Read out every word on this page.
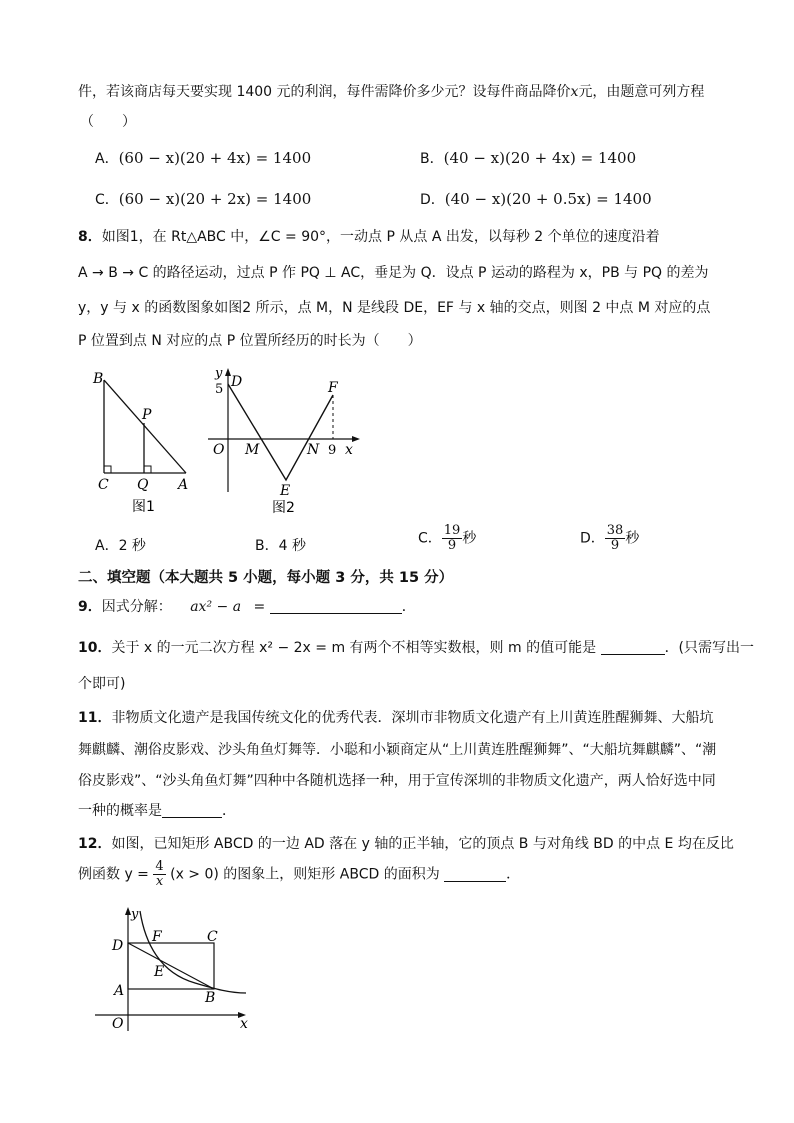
件，若该商店每天要实现 1400 元的利润，每件需降价多少元？设每件商品降价x元，由题意可列方程
（　　）
A．(60 − x)(20 + 4x) = 1400	B．(40 − x)(20 + 4x) = 1400
C．(60 − x)(20 + 2x) = 1400	D．(40 − x)(20 + 0.5x) = 1400
8．如图1，在 Rt△ABC 中，∠C = 90°，一动点 P 从点 A 出发，以每秒 2 个单位的速度沿着
A → B → C 的路径运动，过点 P 作 PQ ⊥ AC，垂足为 Q．设点 P 运动的路程为 x，PB 与 PQ 的差为
y，y 与 x 的函数图象如图2 所示，点 M，N 是线段 DE，EF 与 x 轴的交点，则图 2 中点 M 对应的点
P 位置到点 N 对应的点 P 位置所经历的时长为（　　）
B
P
C Q A
图1
y
D
5	F
O M	N 9 x
E
图2
A．2 秒	B．4 秒	C． $\frac{19}{9}$ 秒	D． $\frac{38}{9}$ 秒
二、填空题（本大题共 5 小题，每小题 3 分，共 15 分）
9．因式分解： ax² − a =	．
10．关于 x 的一元二次方程 x² − 2x = m 有两个不相等实数根，则 m 的值可能是	．(只需写出一
个即可)
11．非物质文化遗产是我国传统文化的优秀代表．深圳市非物质文化遗产有上川黄连胜醒狮舞、大船坑
舞麒麟、潮俗皮影戏、沙头角鱼灯舞等．小聪和小颖商定从“上川黄连胜醒狮舞”、“大船坑舞麒麟”、“潮
俗皮影戏”、“沙头角鱼灯舞”四种中各随机选择一种，用于宣传深圳的非物质文化遗产，两人恰好选中同
一种的概率是	．
12．如图，已知矩形 ABCD 的一边 AD 落在 y 轴的正半轴，它的顶点 B 与对角线 BD 的中点 E 均在反比
例函数 $y = \frac{4}{x} (x > 0)$ 的图象上，则矩形 ABCD 的面积为	．
y
D
F	C
E
A	B
O	x
